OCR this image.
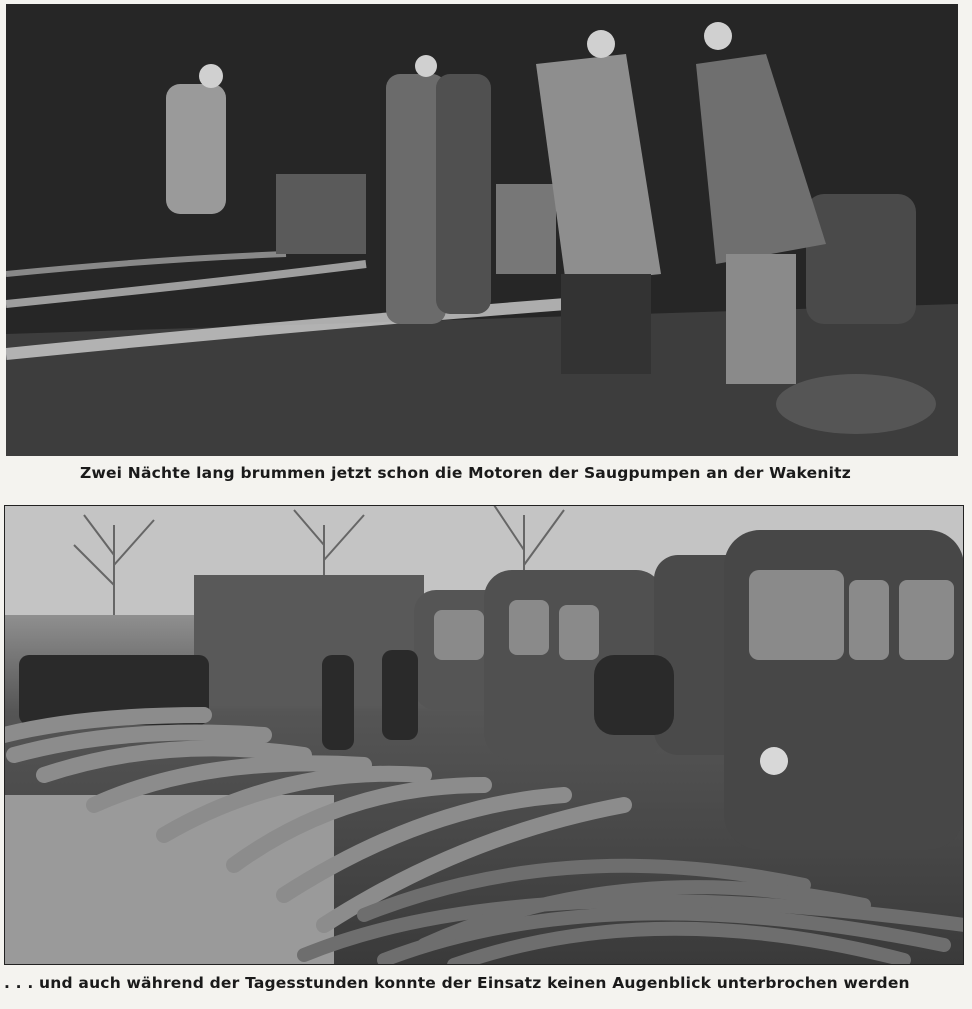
Zwei Nächte lang brummen jetzt schon die Motoren der Saugpumpen an der Wakenitz
. . . und auch während der Tagesstunden konnte der Einsatz keinen Augenblick unterbrochen werden
